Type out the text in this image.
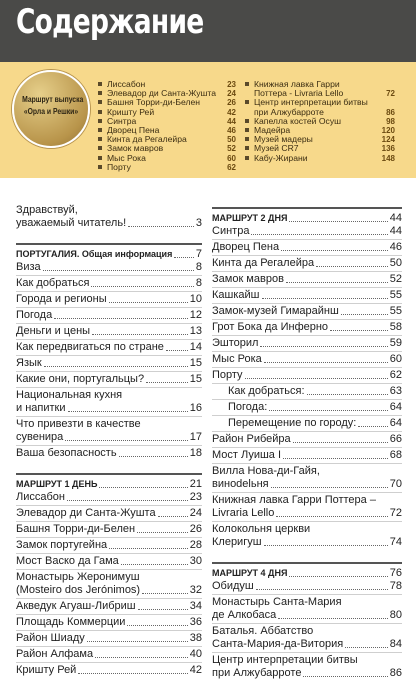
Содержание
Маршрут выпуска
«Орла и Решки»
Лиссабон	23
Элевадор ди Санта-Жушта	24
Башня Торри-ди-Белен	26
Кришту Рей	42
Синтра	44
Дворец Пена	46
Кинта да Регалейра	50
Замок мавров	52
Мыс Рока	60
Порту	62
Книжная лавка Гарри
Поттера - Livraria Lello	72
Центр интерпретации битвы
при Алжубарроте	86
Капелла костей Осуш	98
Мадейра	120
Музей мадеры	124
Музей CR7	136
Кабу-Жирани	148
Здравствуй,
уважаемый читатель!	3
ПОРТУГАЛИЯ. Общая информация 7
Виза	8
Как добраться	8
Города и регионы	10
Погода	12
Деньги и цены	13
Как передвигаться по стране 14
Язык	15
Какие они, португальцы?	15
Национальная кухня
и напитки	16
Что привезти в качестве
сувенира	17
Ваша безопасность	18
МАРШРУТ 1 ДЕНЬ	21
Лиссабон	23
Элевадор ди Санта-Жушта	24
Башня Торри-ди-Белен	26
Замок португейна	28
Мост Васко да Гама	30
Монастырь Жеронимуш
(Mosteiro dos Jerónimos)	32
Акведук Агуаш-Либриш	34
Площадь Коммерции	36
Район Шиаду	38
Район Алфама	40
Кришту Рей	42
МАРШРУТ 2 ДНЯ	44
Синтра	44
Дворец Пена	46
Кинта да Регалейра	50
Замок мавров	52
Кашкайш	55
Замок-музей Гимарайнш	55
Грот Бока да Инферно	58
Эшторил	59
Мыс Рока	60
Порту	62
Как добраться:	63
Погода:	64
Перемещение по городу:	64
Район Рибейра	66
Мост Луиша I	68
Вилла Нова-ди-Гайя,
виноdelьня	70
Книжная лавка Гарри Поттера –
Livraria Lello	72
Колокольня церкви
Клеригуш	74
МАРШРУТ 4 ДНЯ	76
Обидуш	78
Монастырь Санта-Мария
де Алкобаса	80
Баталья. Аббатство
Санта-Мария-да-Витория	84
Центр интерпретации битвы
при Алжубарроте	86
